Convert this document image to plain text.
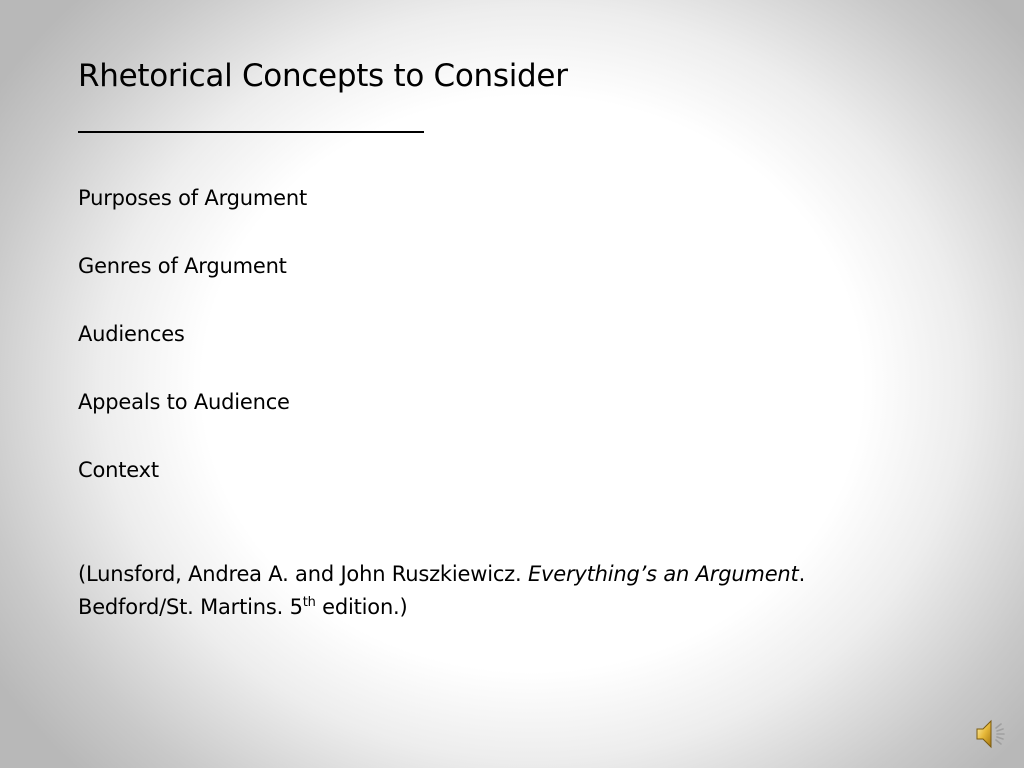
Rhetorical Concepts to Consider
Purposes of Argument
Genres of Argument
Audiences
Appeals to Audience
Context
(Lunsford, Andrea A. and John Ruszkiewicz. Everything’s an Argument.
Bedford/St. Martins. 5th edition.)
